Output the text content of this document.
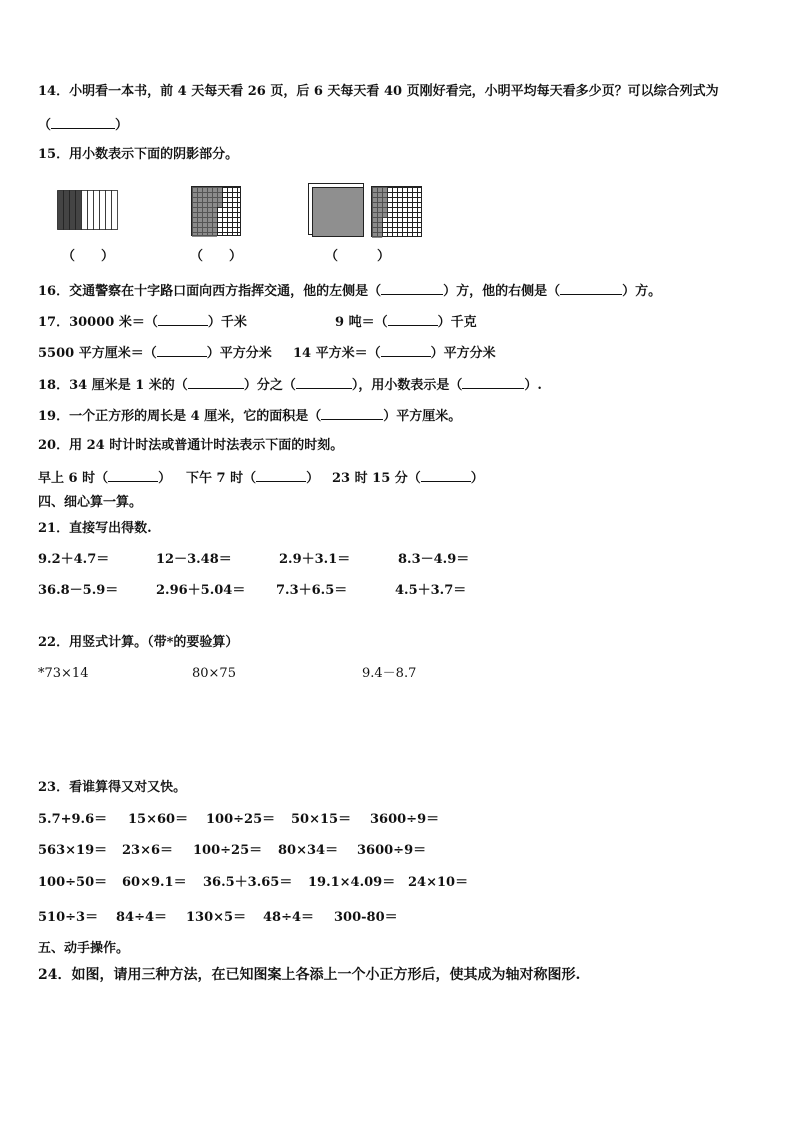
14．小明看一本书，前 4 天每天看 26 页，后 6 天每天看 40 页刚好看完，小明平均每天看多少页？可以综合列式为
（	）
15．用小数表示下面的阴影部分。
（　　）	（　　）	（　　　）
16．交通警察在十字路口面向西方指挥交通，他的左侧是（	）方，他的右侧是（	）方。
17．30000 米＝（	）千米	9 吨＝（	）千克
5500 平方厘米＝（	）平方分米 14 平方米＝（	）平方分米
18．34 厘米是 1 米的（	）分之（	），用小数表示是（	）.
19．一个正方形的周长是 4 厘米，它的面积是（	）平方厘米。
20．用 24 时计时法或普通计时法表示下面的时刻。
早上 6 时（	） 下午 7 时（	） 23 时 15 分（	）
四、细心算一算。
21．直接写出得数.
9.2＋4.7＝	12－3.48＝	2.9＋3.1＝	8.3－4.9＝
36.8－5.9＝	2.96＋5.04＝ 7.3＋6.5＝	4.5＋3.7＝
22．用竖式计算。（带*的要验算）
*73×14	80×75	9.4－8.7
23．看谁算得又对又快。
5.7+9.6＝ 15×60＝ 100÷25＝ 50×15＝ 3600÷9＝
563×19＝ 23×6＝ 100÷25＝ 80×34＝ 3600÷9＝
100÷50＝ 60×9.1＝ 36.5＋3.65＝ 19.1×4.09＝ 24×10＝
510÷3＝ 84÷4＝ 130×5＝ 48÷4＝ 300-80＝
五、动手操作。
24．如图，请用三种方法，在已知图案上各添上一个小正方形后，使其成为轴对称图形.
